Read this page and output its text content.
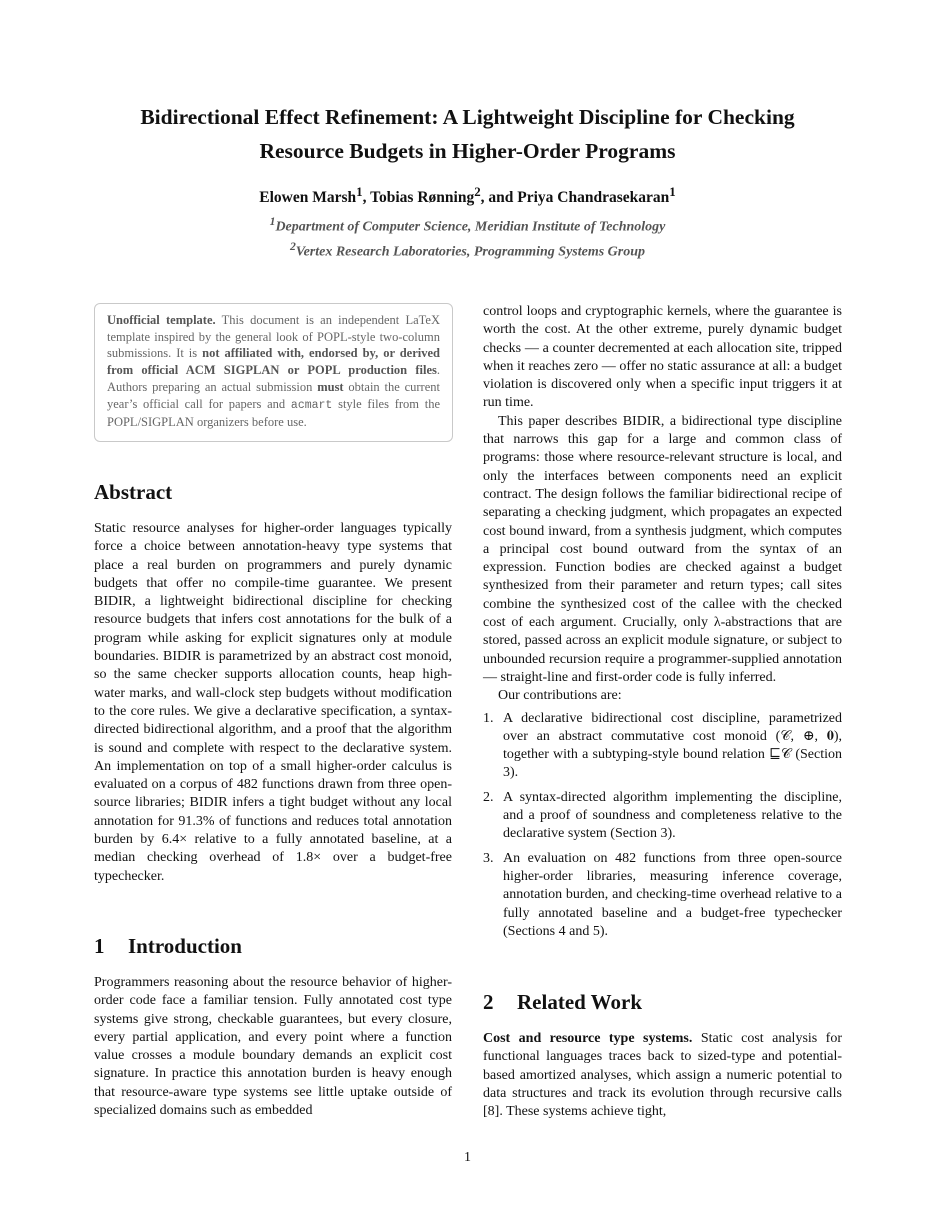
Bidirectional Effect Refinement: A Lightweight Discipline for Checking Resource Budgets in Higher-Order Programs
Elowen Marsh$^1$, Tobias Rønning$^2$, and Priya Chandrasekaran$^1$
$^1$Department of Computer Science, Meridian Institute of Technology
$^2$Vertex Research Laboratories, Programming Systems Group
Unofficial template. This document is an independent LaTeX template inspired by the general look of POPL-style two-column submissions. It is not affiliated with, endorsed by, or derived from official ACM SIGPLAN or POPL production files. Authors preparing an actual submission must obtain the current year’s official call for papers and acmart style files from the POPL/SIGPLAN organizers before use.
Abstract

Static resource analyses for higher-order languages typically force a choice between annotation-heavy type systems that place a real burden on programmers and purely dynamic budgets that offer no compile-time guarantee. We present BIDIR, a lightweight bidirectional discipline for checking resource budgets that infers cost annotations for the bulk of a program while asking for explicit signatures only at module boundaries. BIDIR is parametrized by an abstract cost monoid, so the same checker supports allocation counts, heap high-water marks, and wall-clock step budgets without modification to the core rules. We give a declarative specification, a syntax-directed bidirectional algorithm, and a proof that the algorithm is sound and complete with respect to the declarative system. An implementation on top of a small higher-order calculus is evaluated on a corpus of 482 functions drawn from three open-source libraries; BIDIR infers a tight budget without any local annotation for 91.3% of functions and reduces total annotation burden by 6.4× relative to a fully annotated baseline, at a median checking overhead of 1.8× over a budget-free typechecker.

1 Introduction

Programmers reasoning about the resource behavior of higher-order code face a familiar tension. Fully annotated cost type systems give strong, checkable guarantees, but every closure, every partial application, and every point where a function value crosses a module boundary demands an explicit cost signature. In practice this annotation burden is heavy enough that resource-aware type systems see little uptake outside of specialized domains such as embedded

control loops and cryptographic kernels, where the guarantee is worth the cost. At the other extreme, purely dynamic budget checks — a counter decremented at each allocation site, tripped when it reaches zero — offer no static assurance at all: a budget violation is discovered only when a specific input triggers it at run time.

This paper describes BIDIR, a bidirectional type discipline that narrows this gap for a large and common class of programs: those where resource-relevant structure is local, and only the interfaces between components need an explicit contract. The design follows the familiar bidirectional recipe of separating a checking judgment, which propagates an expected cost bound inward, from a synthesis judgment, which computes a principal cost bound outward from the syntax of an expression. Function bodies are checked against a budget synthesized from their parameter and return types; call sites combine the synthesized cost of the callee with the checked cost of each argument. Crucially, only λ-abstractions that are stored, passed across an explicit module signature, or subject to unbounded recursion require a programmer-supplied annotation — straight-line and first-order code is fully inferred.

Our contributions are:

1. A declarative bidirectional cost discipline, parametrized over an abstract commutative cost monoid (𝒞, ⊕, 𝟎), together with a subtyping-style bound relation ⊑𝒞 (Section 3).
2. A syntax-directed algorithm implementing the discipline, and a proof of soundness and completeness relative to the declarative system (Section 3).
3. An evaluation on 482 functions from three open-source higher-order libraries, measuring inference coverage, annotation burden, and checking-time overhead relative to a fully annotated baseline and a budget-free typechecker (Sections 4 and 5).
2 Related Work

Cost and resource type systems. Static cost analysis for functional languages traces back to sized-type and potential-based amortized analyses, which assign a numeric potential to data structures and track its evolution through recursive calls [8]. These systems achieve tight,

1
